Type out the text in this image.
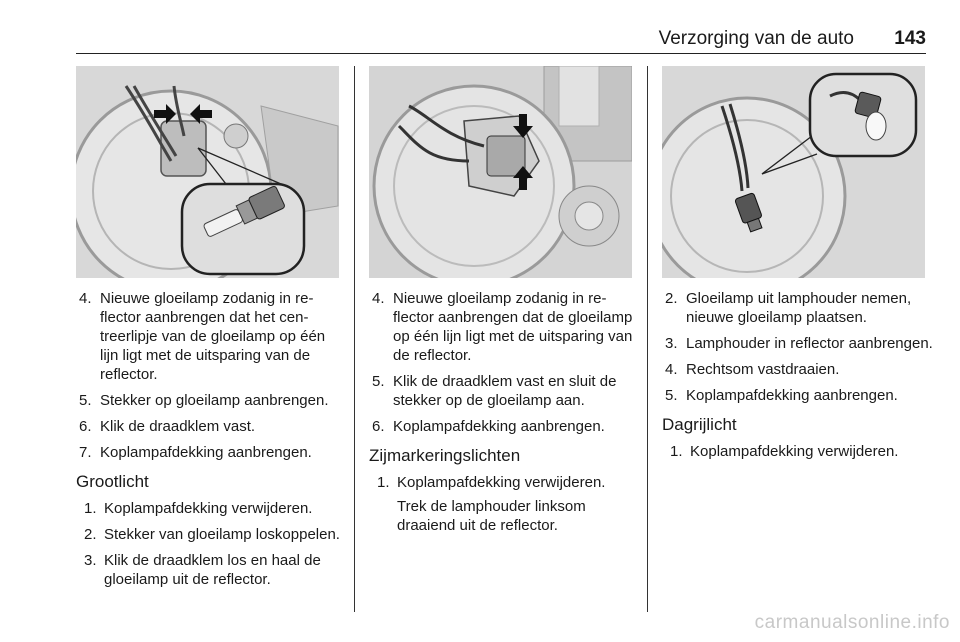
Verzorging van de auto 143
4. Nieuwe gloeilamp zodanig in reflector aanbrengen dat het centreerlipje van de gloeilamp op één lijn ligt met de uitsparing van de reflector.
5. Stekker op gloeilamp aanbrengen.
6. Klik de draadklem vast.
7. Koplampafdekking aanbrengen.
Grootlicht
1. Koplampafdekking verwijderen.
2. Stekker van gloeilamp loskoppelen.
3. Klik de draadklem los en haal de gloeilamp uit de reflector.
4. Nieuwe gloeilamp zodanig in reflector aanbrengen dat de gloeilamp op één lijn ligt met de uitsparing van de reflector.
5. Klik de draadklem vast en sluit de stekker op de gloeilamp aan.
6. Koplampafdekking aanbrengen.
Zijmarkeringslichten
1. Koplampafdekking verwijderen.
Trek de lamphouder linksom draaiend uit de reflector.
2. Gloeilamp uit lamphouder nemen, nieuwe gloeilamp plaatsen.
3. Lamphouder in reflector aanbrengen.
4. Rechtsom vastdraaien.
5. Koplampafdekking aanbrengen.
Dagrijlicht
1. Koplampafdekking verwijderen.
carmanualsonline.info
